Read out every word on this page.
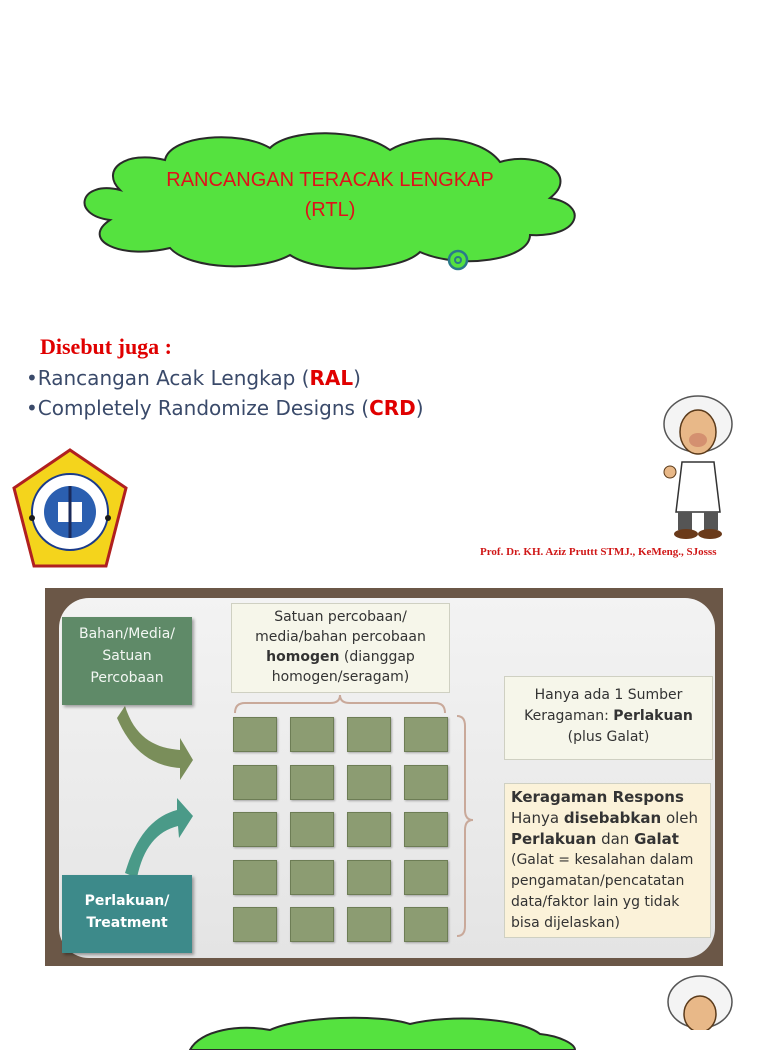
RANCANGAN TERACAK LENGKAP
(RTL)
Disebut juga :
•Rancangan Acak Lengkap (RAL)
•Completely Randomize Designs (CRD)
Prof. Dr. KH. Aziz Pruttt STMJ., KeMeng., SJosss
Bahan/Media/
Satuan
Percobaan
Perlakuan/
Treatment
Satuan percobaan/
media/bahan percobaan
homogen (dianggap
homogen/seragam)
Hanya ada 1 Sumber
Keragaman: Perlakuan
(plus Galat)
Keragaman Respons
Hanya disebabkan oleh
Perlakuan dan Galat
(Galat = kesalahan dalam
pengamatan/pencatatan
data/faktor lain yg tidak
bisa dijelaskan)
